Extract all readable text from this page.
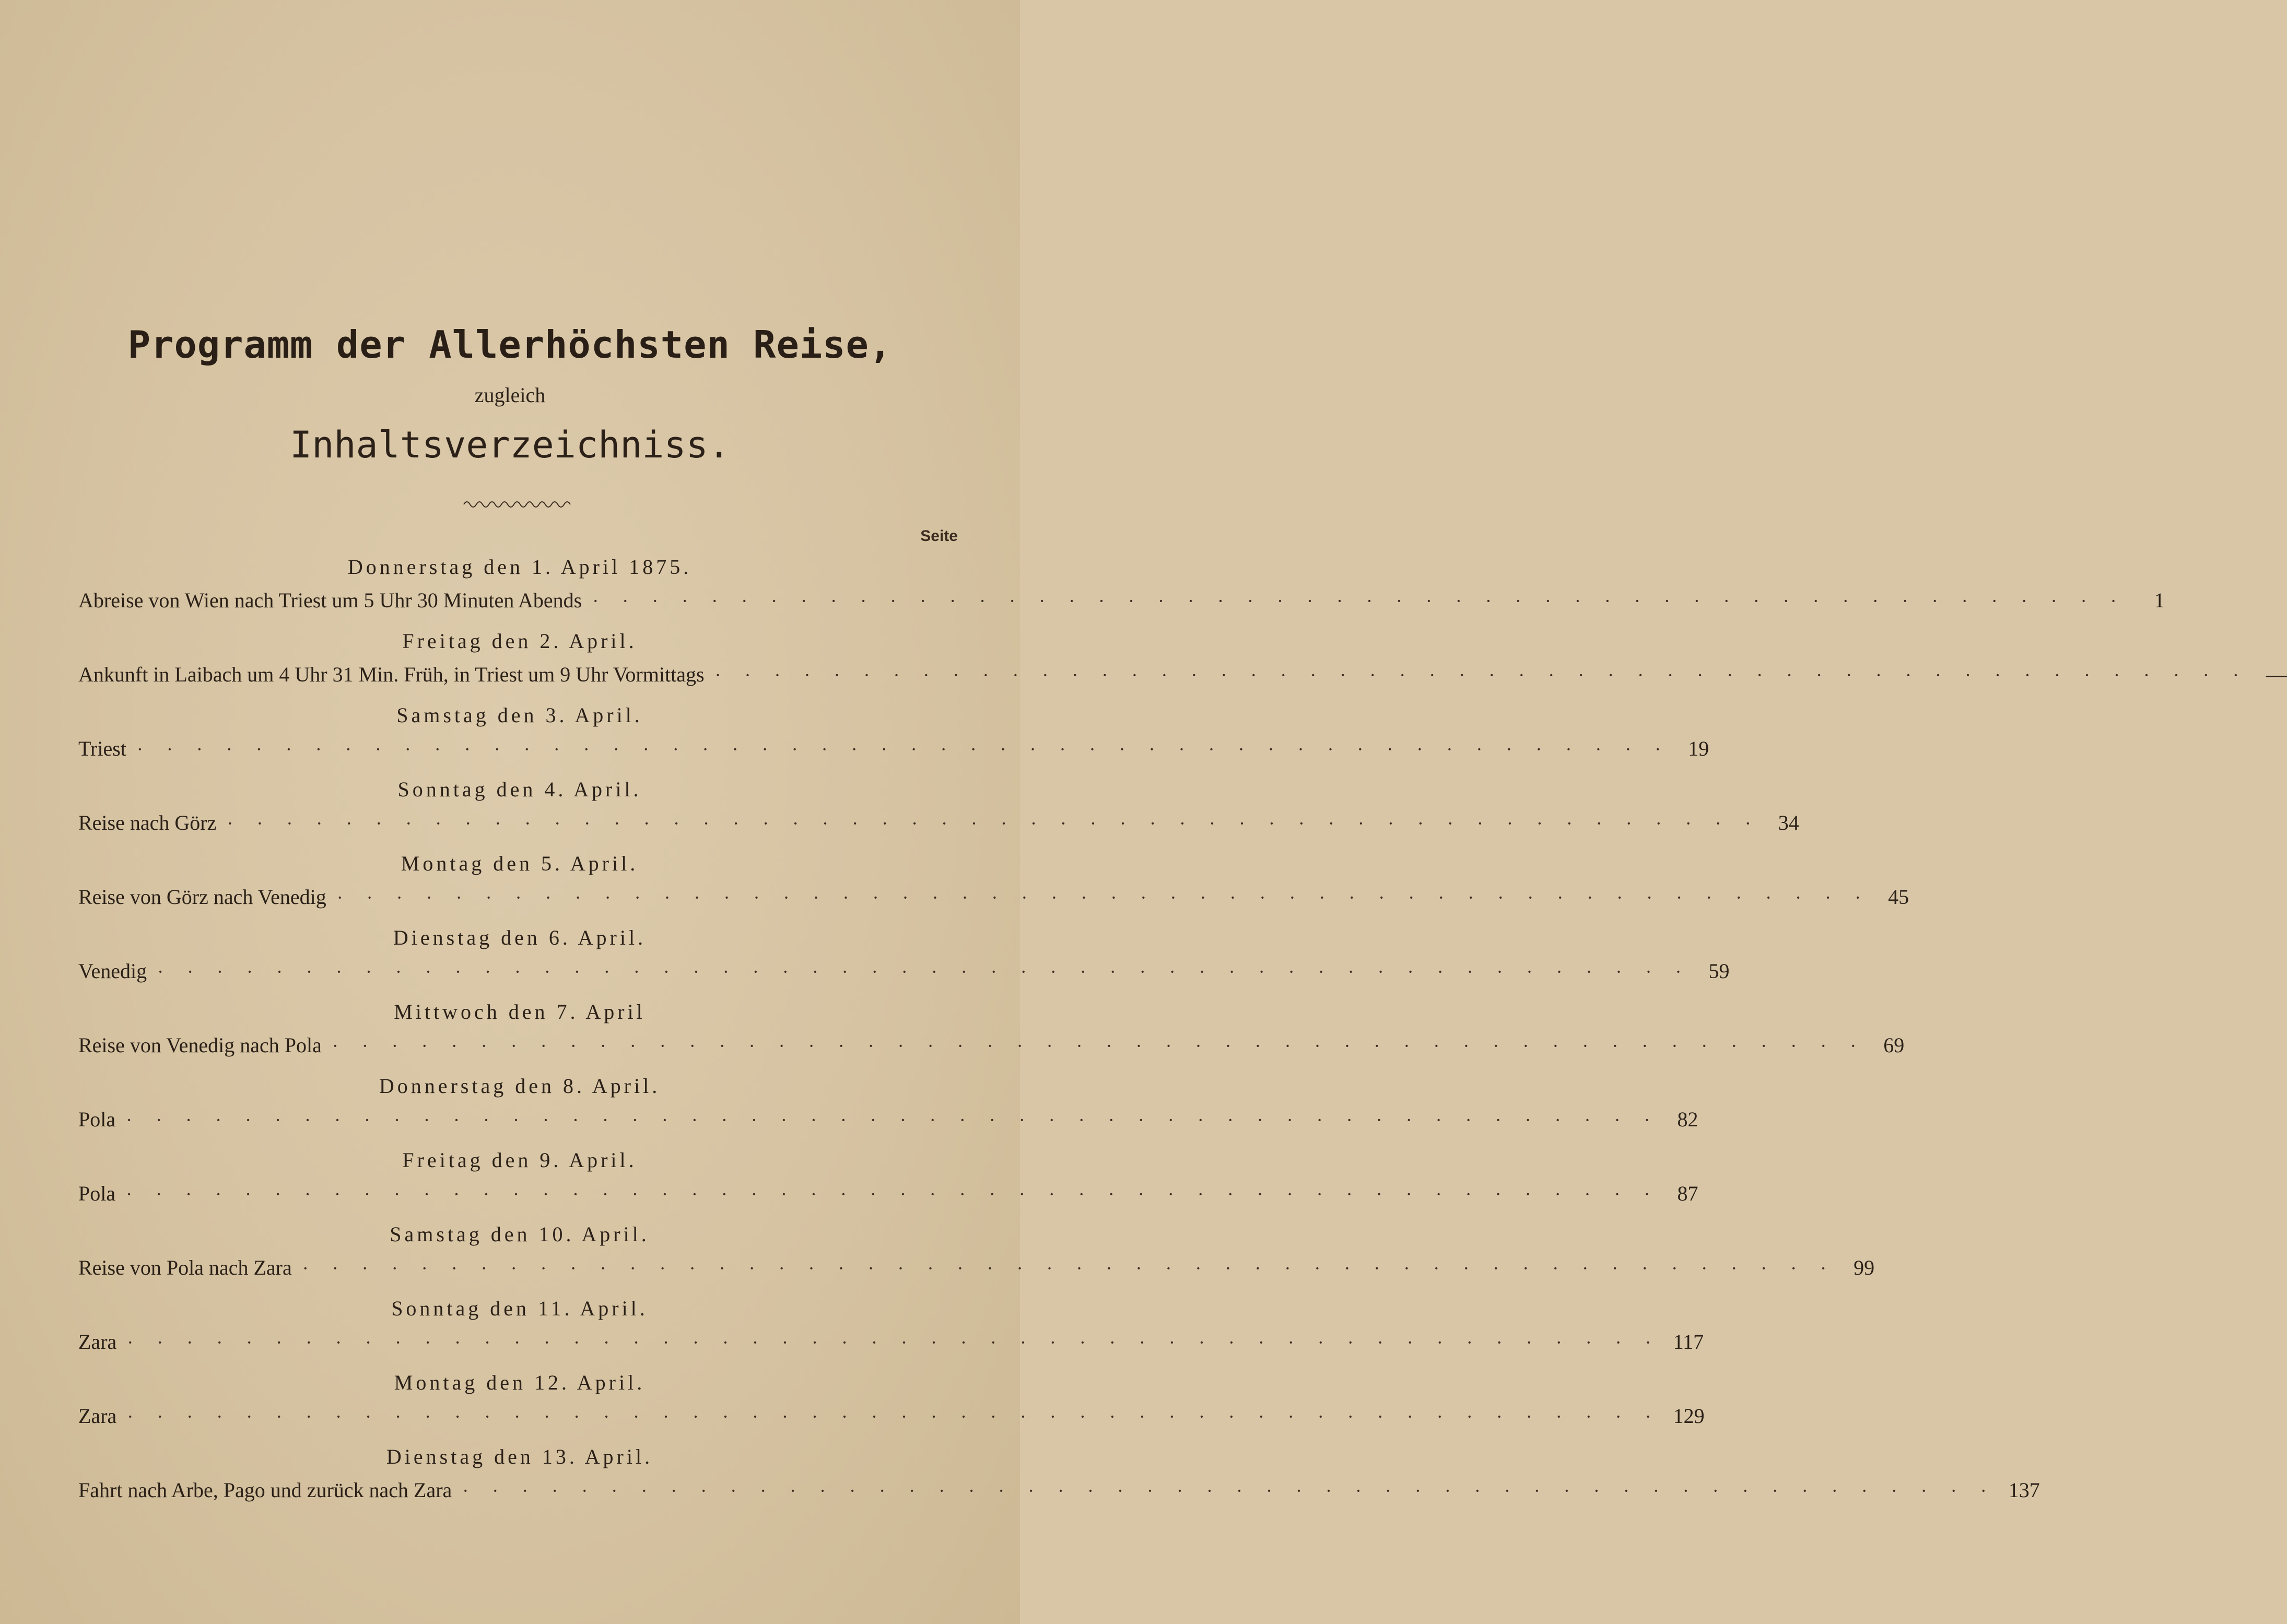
Programm der Allerhöchsten Reise,
zugleich
Inhaltsverzeichniss.
Seite
Donnerstag den 1. April 1875.
Abreise von Wien nach Triest um 5 Uhr 30 Minuten Abends · · · · · · · · · · · · · · · · · · · · · · · · · · · · · · · · · · · · · · · · · · · · · · · · · · · ·	1
Freitag den 2. April.
Ankunft in Laibach um 4 Uhr 31 Min. Früh, in Triest um 9 Uhr Vormittags · · · · · · · · · · · · · · · · · · · · · · · · · · · · · · · · · · · · · · · · · · · · · · · · · · · · —
Samstag den 3. April.
Triest · · · · · · · · · · · · · · · · · · · · · · · · · · · · · · · · · · · · · · · · · · · · · · · · · · · · 19
Sonntag den 4. April.
Reise nach Görz · · · · · · · · · · · · · · · · · · · · · · · · · · · · · · · · · · · · · · · · · · · · · · · · · · · · 34
Montag den 5. April.
Reise von Görz nach Venedig · · · · · · · · · · · · · · · · · · · · · · · · · · · · · · · · · · · · · · · · · · · · · · · · · · · · 45
Dienstag den 6. April.
Venedig · · · · · · · · · · · · · · · · · · · · · · · · · · · · · · · · · · · · · · · · · · · · · · · · · · · · 59
Mittwoch den 7. April
Reise von Venedig nach Pola · · · · · · · · · · · · · · · · · · · · · · · · · · · · · · · · · · · · · · · · · · · · · · · · · · · · 69
Donnerstag den 8. April.
Pola · · · · · · · · · · · · · · · · · · · · · · · · · · · · · · · · · · · · · · · · · · · · · · · · · · · · 82
Freitag den 9. April.
Pola · · · · · · · · · · · · · · · · · · · · · · · · · · · · · · · · · · · · · · · · · · · · · · · · · · · · 87
Samstag den 10. April.
Reise von Pola nach Zara · · · · · · · · · · · · · · · · · · · · · · · · · · · · · · · · · · · · · · · · · · · · · · · · · · · · 99
Sonntag den 11. April.
Zara · · · · · · · · · · · · · · · · · · · · · · · · · · · · · · · · · · · · · · · · · · · · · · · · · · · · 117
Montag den 12. April.
Zara · · · · · · · · · · · · · · · · · · · · · · · · · · · · · · · · · · · · · · · · · · · · · · · · · · · · 129
Dienstag den 13. April.
Fahrt nach Arbe, Pago und zurück nach Zara · · · · · · · · · · · · · · · · · · · · · · · · · · · · · · · · · · · · · · · · · · · · · · · · · · · · 137
